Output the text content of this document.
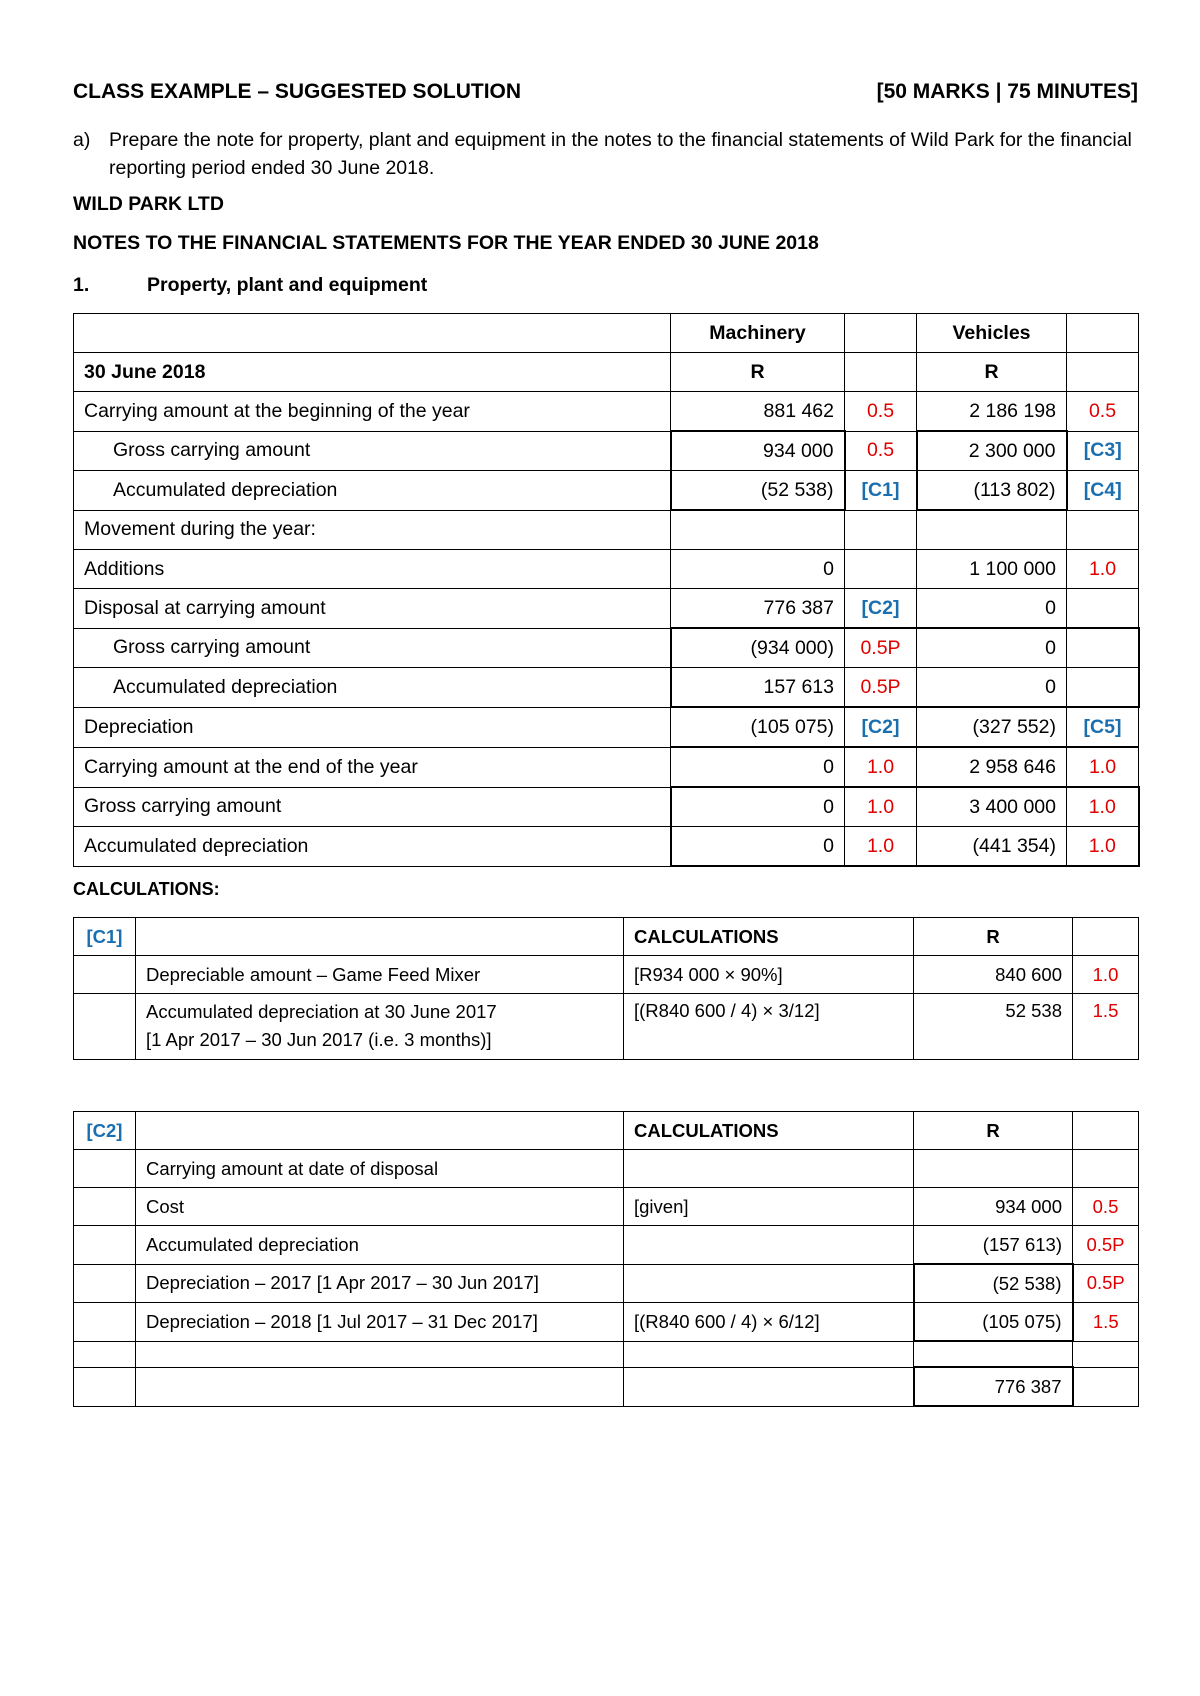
CLASS EXAMPLE – SUGGESTED SOLUTION	[50 MARKS | 75 MINUTES]
a) Prepare the note for property, plant and equipment in the notes to the financial statements of Wild Park for the financial reporting period ended 30 June 2018.
WILD PARK LTD
NOTES TO THE FINANCIAL STATEMENTS FOR THE YEAR ENDED 30 JUNE 2018
1.	Property, plant and equipment
	Machinery		Vehicles	
30 June 2018	R		R	
Carrying amount at the beginning of the year	881 462	0.5	2 186 198	0.5
Gross carrying amount	934 000	0.5	2 300 000	[C3]
Accumulated depreciation	(52 538)	[C1]	(113 802)	[C4]
Movement during the year:				
Additions	0		1 100 000	1.0
Disposal at carrying amount	776 387	[C2]	0	
Gross carrying amount	(934 000)	0.5P	0	
Accumulated depreciation	157 613	0.5P	0	
Depreciation	(105 075)	[C2]	(327 552)	[C5]
Carrying amount at the end of the year	0	1.0	2 958 646	1.0
Gross carrying amount	0	1.0	3 400 000	1.0
Accumulated depreciation	0	1.0	(441 354)	1.0
CALCULATIONS:
[C1]		CALCULATIONS	R	
	Depreciable amount – Game Feed Mixer	[R934 000 × 90%]	840 600	1.0

	Accumulated depreciation at 30 June 2017
[1 Apr 2017 – 30 Jun 2017 (i.e. 3 months)]	[(R840 600 / 4) × 3/12]	52 538	1.5
[C2]		CALCULATIONS	R	
	Carrying amount at date of disposal			
	Cost	[given]	934 000	0.5
	Accumulated depreciation		(157 613)	0.5P
	Depreciation – 2017 [1 Apr 2017 – 30 Jun 2017]		(52 538)	0.5P
	Depreciation – 2018 [1 Jul 2017 – 31 Dec 2017]	[(R840 600 / 4) × 6/12]	(105 075)	1.5

			776 387	
